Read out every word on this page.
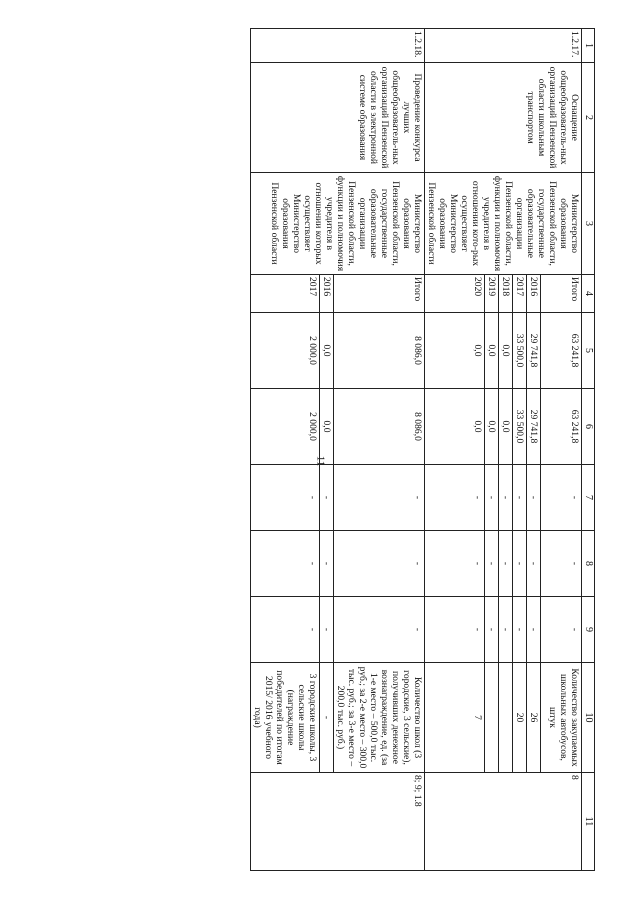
11
1	2	3	4	5	6	7	8	9	10	11
1.2.17.	Оснащение общеобразователь-ных организаций Пензенской области школьным транспортом	Министерство образования Пензенской области, государственные образовательные организации Пензенской области, функции и полномочия учредителя в отношении кото-рых осуществляет Министерство образования Пензенской области	Итого	63 241,8	63 241,8	-	-	-	Количество закупаемых школьных автобусов, штук	8
			2016	29 741,8	29 741,8	-	-	-	26	
			2017	33 500,0	33 500,0	-	-	-	20	
			2018	0,0	0,0	-	-	-		
			2019	0,0	0,0	-	-	-		
			2020	0,0	0,0	-	-	-	7	
1.2.18.	Проведение конкурса лучших общеобразователь-ных организаций Пензенской области в электронной системе образования	Министерство образования Пензенской области, государственные образовательные организации Пензенской области, функции и полномочия учредителя в отношении которых осуществляет Министерство образования Пензенской области	Итого	8 086,0	8 086,0	-	-	-	Количество школ (3 городские, 3 сельские), получивших денежное вознаграждение, ед. (за 1-е место – 500,0 тыс. руб.; за 2-е место – 300,0 тыс. руб.; за 3-е место – 200,0 тыс. руб.)	8; 9; 1.8
			2016	0,0	0,0	-	-	-	-	
			2017	2 000,0	2 000,0	-	-	-	3 городские школы, 3 сельские школы (награждение победителей по итогам 2015/ 2016 учебного года)	
